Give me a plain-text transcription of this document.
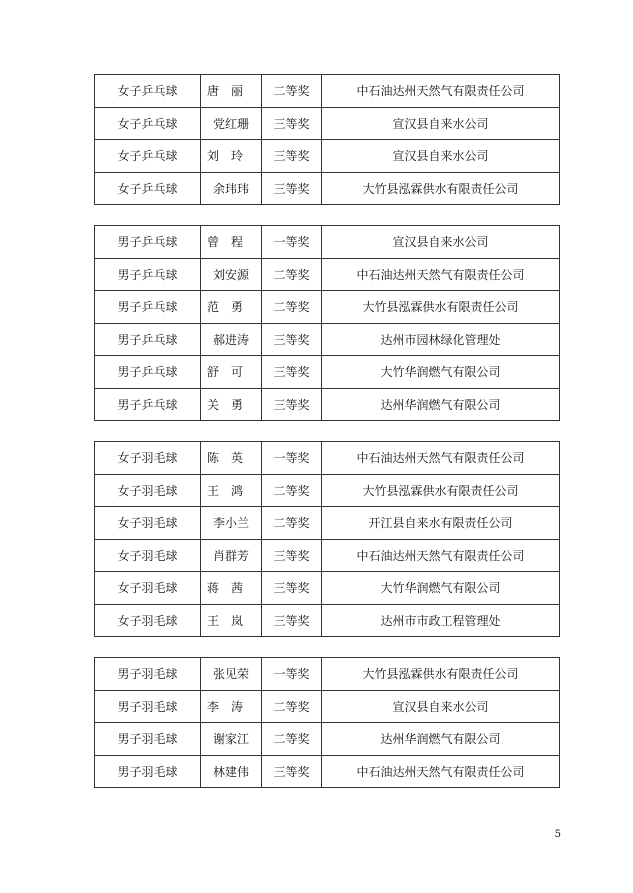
女子乒乓球	唐丽	二等奖	中石油达州天然气有限责任公司
女子乒乓球	党红珊	三等奖	宣汉县自来水公司
女子乒乓球	刘玲	三等奖	宣汉县自来水公司
女子乒乓球	余玮玮	三等奖	大竹县泓霖供水有限责任公司
男子乒乓球	曾程	一等奖	宣汉县自来水公司
男子乒乓球	刘安源	二等奖	中石油达州天然气有限责任公司
男子乒乓球	范勇	二等奖	大竹县泓霖供水有限责任公司
男子乒乓球	郝进涛	三等奖	达州市园林绿化管理处
男子乒乓球	舒可	三等奖	大竹华润燃气有限公司
男子乒乓球	关勇	三等奖	达州华润燃气有限公司
女子羽毛球	陈英	一等奖	中石油达州天然气有限责任公司
女子羽毛球	王鸿	二等奖	大竹县泓霖供水有限责任公司
女子羽毛球	李小兰	二等奖	开江县自来水有限责任公司
女子羽毛球	肖群芳	三等奖	中石油达州天然气有限责任公司
女子羽毛球	蒋茜	三等奖	大竹华润燃气有限公司
女子羽毛球	王岚	三等奖	达州市市政工程管理处
男子羽毛球	张见荣	一等奖	大竹县泓霖供水有限责任公司
男子羽毛球	李涛	二等奖	宣汉县自来水公司
男子羽毛球	谢家江	二等奖	达州华润燃气有限公司
男子羽毛球	林建伟	三等奖	中石油达州天然气有限责任公司
5
